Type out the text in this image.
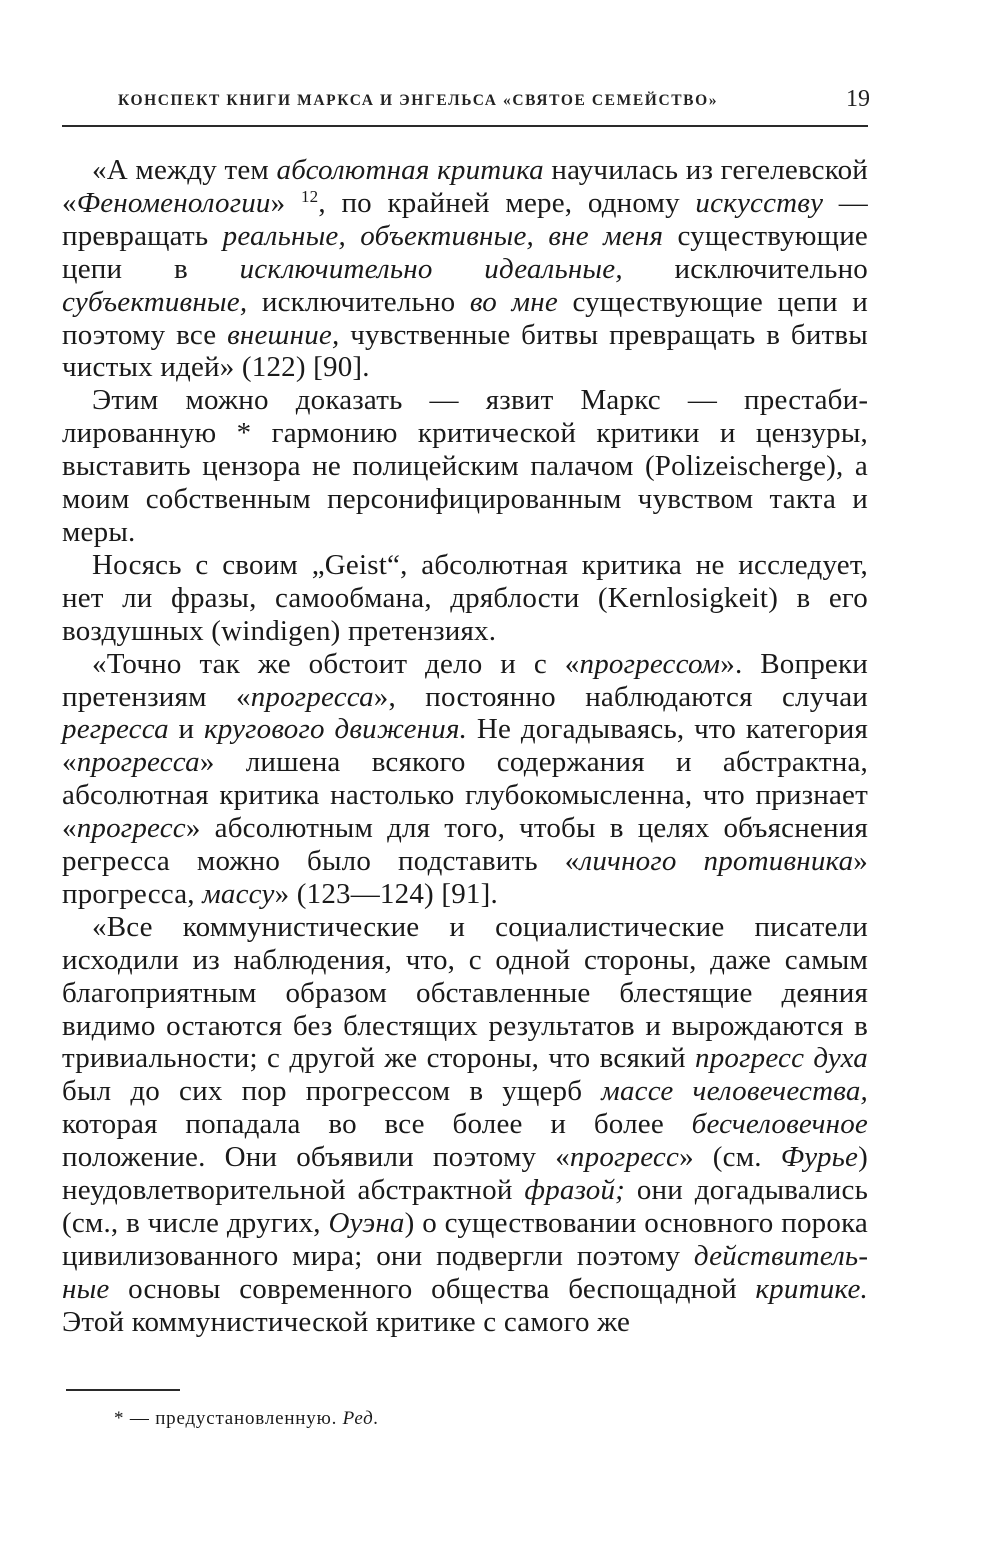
КОНСПЕКТ КНИГИ МАРКСА И ЭНГЕЛЬСА «СВЯТОЕ СЕМЕЙСТВО»	19

«А между тем абсолютная критика научилась из гегелевской «Феноменологии» $^{12}$, по крайней мере, одному искусству — превращать реальные, объективные, вне меня существующие цепи в исключительно идеальные, исключительно субъективные, исключительно во мне существующие цепи и поэтому все внешние, чувственные битвы превращать в битвы чистых идей» (122) [90].

Этим можно доказать — язвит Маркс — престабилированную * гармонию критической критики и цензуры, выставить цензора не полицейским палачом (Polizeischerge), а моим собственным персонифицированным чувством такта и меры.

Носясь с своим „Geist“, абсолютная критика не исследует, нет ли фразы, самообмана, дряблости (Kernlosigkeit) в его воздушных (windigen) претензиях.

«Точно так же обстоит дело и с «прогрессом». Вопреки претензиям «прогресса», постоянно наблюдаются случаи регресса и кругового движения. Не догадываясь, что категория «прогресса» лишена всякого содержания и абстрактна, абсолютная критика настолько глубокомысленна, что признает «прогресс» абсолютным для того, чтобы в целях объяснения регресса можно было подставить «личного противника» прогресса, массу» (123—124) [91].

«Все коммунистические и социалистические писатели исходили из наблюдения, что, с одной стороны, даже самым благоприятным образом обставленные блестящие деяния видимо остаются без блестящих результатов и вырождаются в тривиальности; с другой же стороны, что всякий прогресс духа был до сих пор прогрессом в ущерб массе человечества, которая попадала во все более и более бесчеловечное положение. Они объявили поэтому «прогресс» (см. Фурье) неудовлетворительной абстрактной фразой; они догадывались (см., в числе других, Оуэна) о существовании основного порока цивилизованного мира; они подвергли поэтому действительные основы современного общества беспощадной критике. Этой коммунистической критике с самого же

* — предустановленную. Ред.
